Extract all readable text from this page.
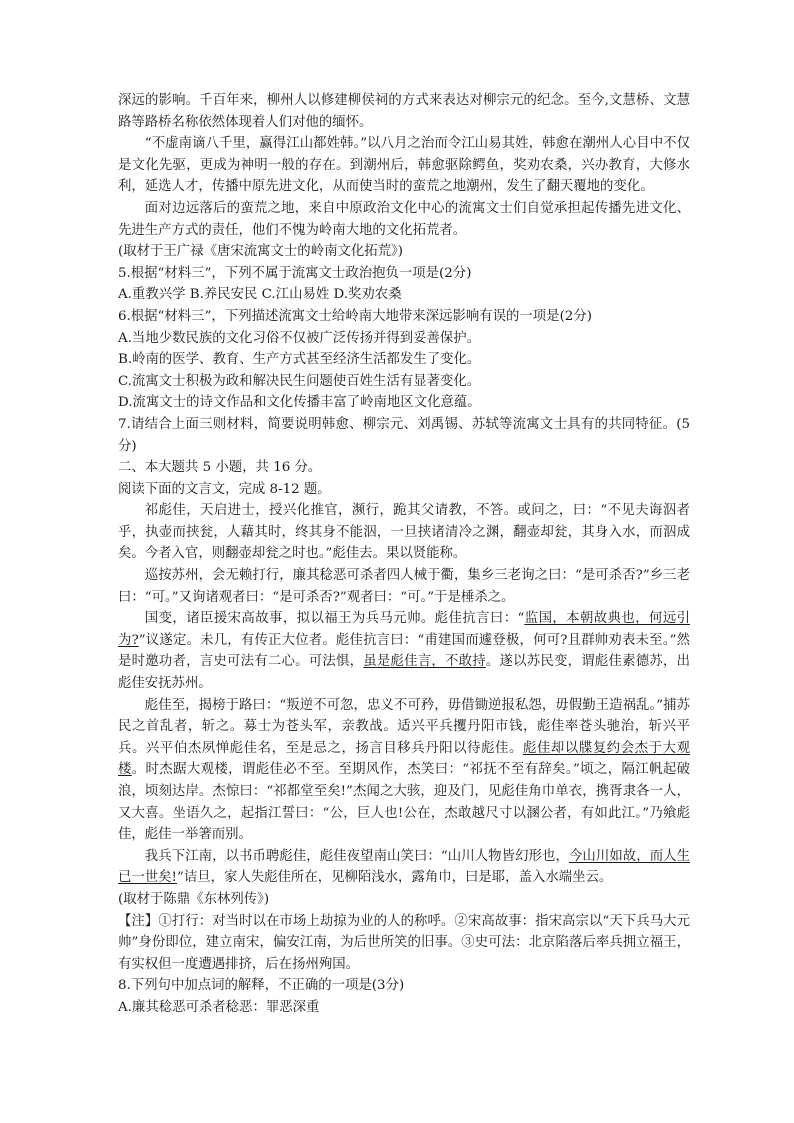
深远的影响。千百年来，柳州人以修建柳侯祠的方式来表达对柳宗元的纪念。至今,文慧桥、文慧路等路桥名称依然体现着人们对他的缅怀。

“不虚南谪八千里，赢得江山都姓韩。”以八月之治而令江山易其姓，韩愈在潮州人心目中不仅是文化先驱，更成为神明一般的存在。到潮州后，韩愈驱除鳄鱼，奖劝农桑，兴办教育，大修水利，延选人才，传播中原先进文化，从而使当时的蛮荒之地潮州，发生了翻天覆地的变化。

面对边远落后的蛮荒之地，来自中原政治文化中心的流寓文士们自觉承担起传播先进文化、先进生产方式的责任，他们不愧为岭南大地的文化拓荒者。

(取材于王广禄《唐宋流寓文士的岭南文化拓荒》)

5.根据“材料三”，下列不属于流寓文士政治抱负一项是(2分)

A.重教兴学 B.养民安民 C.江山易姓 D.奖劝农桑

6.根据“材料三”，下列描述流寓文士给岭南大地带来深远影响有误的一项是(2分)

A.当地少数民族的文化习俗不仅被广泛传扬并得到妥善保护。

B.岭南的医学、教育、生产方式甚至经济生活都发生了变化。

C.流寓文士积极为政和解决民生问题使百姓生活有显著变化。

D.流寓文士的诗文作品和文化传播丰富了岭南地区文化意蕴。

7.请结合上面三则材料，简要说明韩愈、柳宗元、刘禹锡、苏轼等流寓文士具有的共同特征。(5分)

二、本大题共 5 小题，共 16 分。

阅读下面的文言文，完成 8-12 题。

祁彪佳，天启进士，授兴化推官，濒行，跪其父请教，不答。或问之，曰：“不见夫诲泅者乎，执壶而挟瓮，人藉其时，终其身不能泅，一旦挟诸清冷之渊，翻壶却瓮，其身入水，而泅成矣。今者入官，则翻壶却瓮之时也。”彪佳去。果以贤能称。

巡按苏州，会无赖打行，廉其稔恶可杀者四人械于衢，集乡三老询之曰：“是可杀否?”乡三老曰：“可。”又询诸观者曰：“是可杀否?”观者曰：“可。”于是棰杀之。

国变，诸臣援宋高故事，拟以福王为兵马元帅。彪佳抗言曰：“监国，本朝故典也，何远引为?”议遂定。未几，有传正大位者。彪佳抗言曰：“甫建国而遽登极，何可?且群帅劝表未至。”然是时邀功者，言史可法有二心。可法惧，虽是彪佳言，不敢持。遂以苏民变，谓彪佳素德苏，出彪佳安抚苏州。

彪佳至，揭榜于路曰：“叛逆不可忽，忠义不可矜，毋借锄逆报私怨，毋假勤王造祸乱。”捕苏民之首乱者，斩之。募士为苍头军，亲教战。适兴平兵攫丹阳市钱，彪佳率苍头驰治，斩兴平兵。兴平伯杰夙惮彪佳名，至是忌之，扬言目移兵丹阳以待彪佳。彪佳却以牒复约会杰于大观楼。时杰踞大观楼，谓彪佳必不至。至期风作，杰笑曰：“祁抚不至有辞矣。”顷之，隔江帆起破浪，顷刻达岸。杰惊曰：“祁都堂至矣!”杰闻之大骇，迎及门，见彪佳角巾单衣，携胥隶各一人，又大喜。坐语久之，起指江誓曰：“公，巨人也!公在，杰敢越尺寸以溷公者，有如此江。”乃飨彪佳，彪佳一举箸而别。

我兵下江南，以书币聘彪佳，彪佳夜望南山笑曰：“山川人物皆幻形也，今山川如故，而人生已一世矣!”诘旦，家人失彪佳所在，见柳陌浅水，露角巾，曰是耶，盖入水端坐云。

(取材于陈鼎《东林列传》)

【注】①打行：对当时以在市场上劫掠为业的人的称呼。②宋高故事：指宋高宗以“天下兵马大元帅”身份即位，建立南宋，偏安江南，为后世所笑的旧事。③史可法：北京陷落后率兵拥立福王，有实权但一度遭遇排挤，后在扬州殉国。

8.下列句中加点词的解释，不正确的一项是(3分)

A.廉其稔恶可杀者稔恶：罪恶深重
